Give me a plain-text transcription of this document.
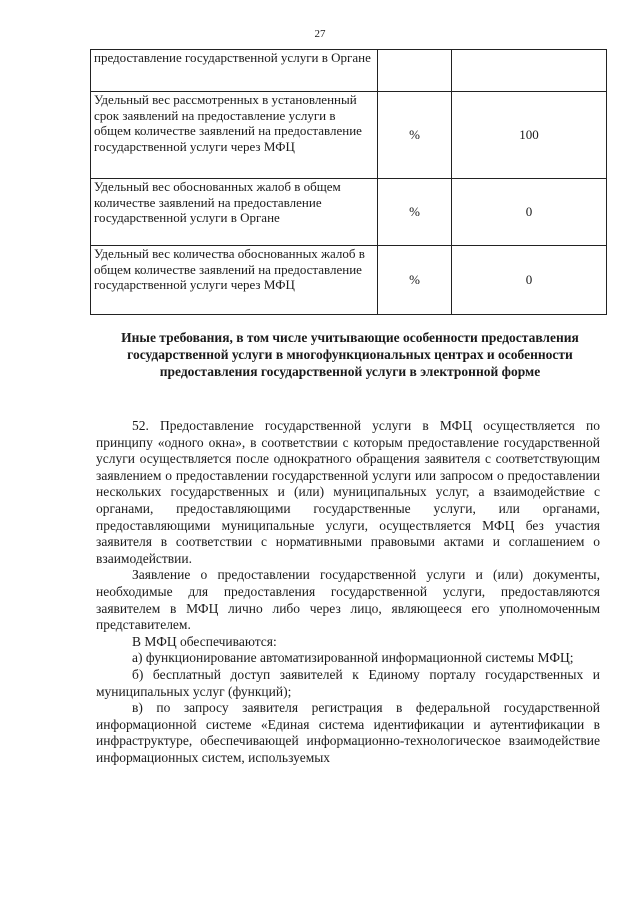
27
предоставление государственной услуги в Органе		
Удельный вес рассмотренных в установленный срок заявлений на предоставление услуги в общем количестве заявлений на предоставление государственной услуги через МФЦ	%	100
Удельный вес обоснованных жалоб в общем количестве заявлений на предоставление государственной услуги в Органе	%	0
Удельный вес количества обоснованных жалоб в общем количестве заявлений на предоставление государственной услуги через МФЦ	%	0
Иные требования, в том числе учитывающие особенности предоставления государственной услуги в многофункциональных центрах и особенности предоставления государственной услуги в электронной форме

52. Предоставление государственной услуги в МФЦ осуществляется по принципу «одного окна», в соответствии с которым предоставление государственной услуги осуществляется после однократного обращения заявителя с соответствующим заявлением о предоставлении государственной услуги или запросом о предоставлении нескольких государственных и (или) муниципальных услуг, а взаимодействие с органами, предоставляющими государственные услуги, или органами, предоставляющими муниципальные услуги, осуществляется МФЦ без участия заявителя в соответствии с нормативными правовыми актами и соглашением о взаимодействии.

Заявление о предоставлении государственной услуги и (или) документы, необходимые для предоставления государственной услуги, предоставляются заявителем в МФЦ лично либо через лицо, являющееся его уполномоченным представителем.

В МФЦ обеспечиваются:

а) функционирование автоматизированной информационной системы МФЦ;

б) бесплатный доступ заявителей к Единому порталу государственных и муниципальных услуг (функций);

в) по запросу заявителя регистрация в федеральной государственной информационной системе «Единая система идентификации и аутентификации в инфраструктуре, обеспечивающей информационно-технологическое взаимодействие информационных систем, используемых
